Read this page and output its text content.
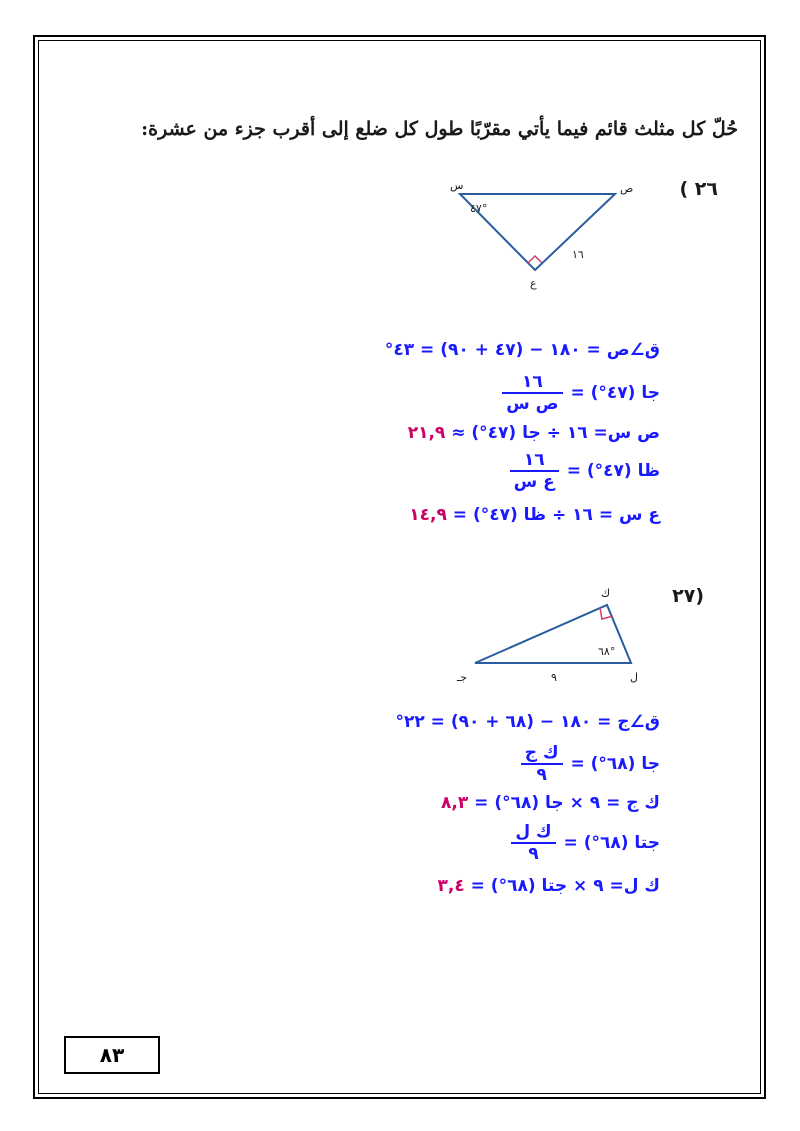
حُلّ كل مثلث قائم فيما يأتي مقرّبًا طول كل ضلع إلى أقرب جزء من عشرة:
٢٦ )
س	ص
ع
٤٧°
١٦
ق∠ص = ١٨٠ − (٤٧ + ٩٠) = ٤٣°
جا (٤٧°) =
$\frac{١٦}{\text{ص س}}$
ص س= ١٦ ÷ جا (٤٧°) ≈ ٢١,٩
ظا (٤٧°) =
$\frac{١٦}{\text{ع س}}$
ع س = ١٦ ÷ ظا (٤٧°) = ١٤,٩
(٢٧
ك
ل
جـ
٦٨°
٩
ق∠ج = ١٨٠ − (٦٨ + ٩٠) = ٢٢°
جا (٦٨°) =
$\frac{\text{ك ج}}{٩}$
ك ج = ٩ × جا (٦٨°) = ٨,٣
جتا (٦٨°) =
$\frac{\text{ك ل}}{٩}$
ك ل= ٩ × جتا (٦٨°) = ٣,٤
٨٣
